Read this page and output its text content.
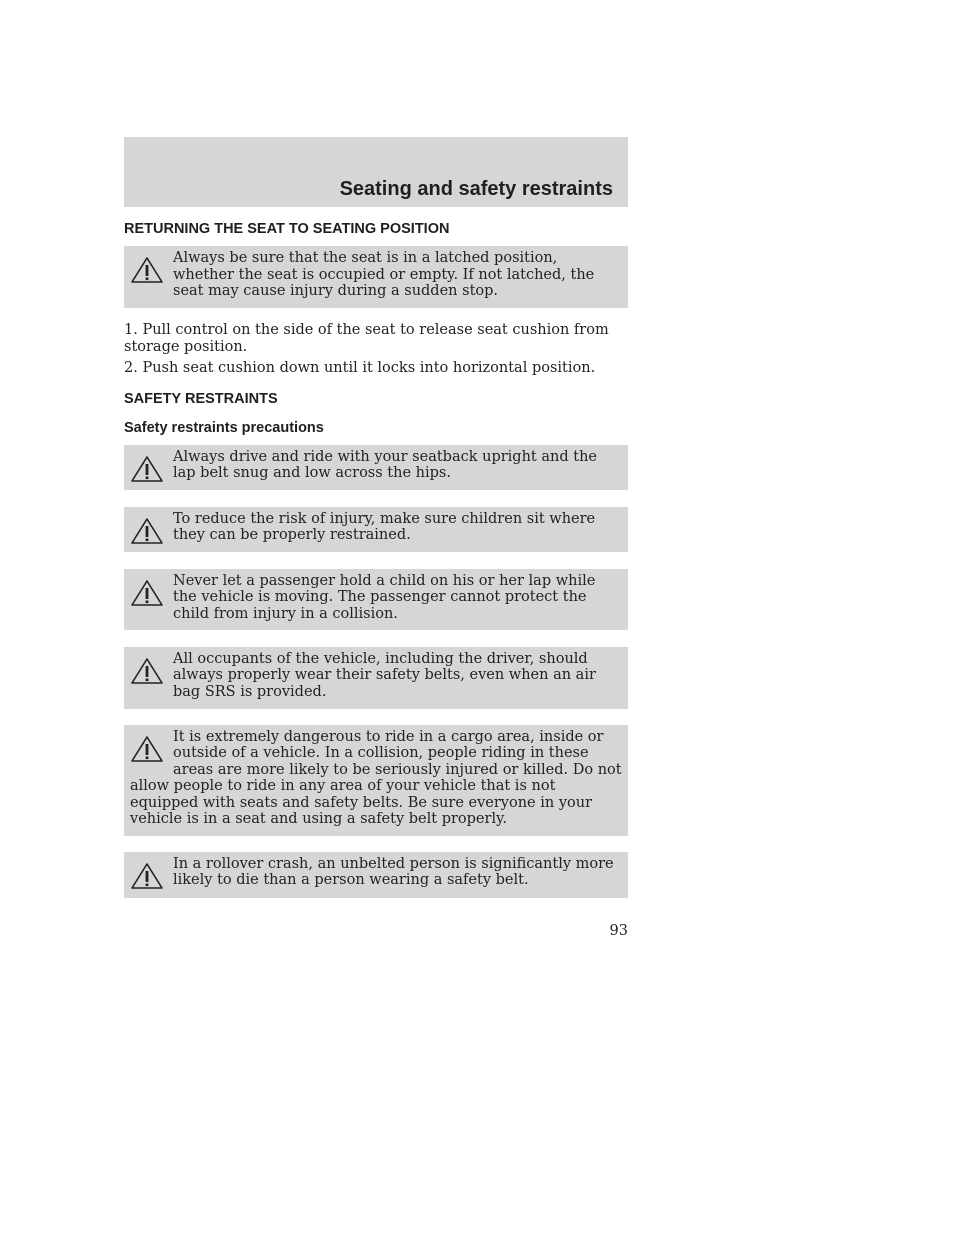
Seating and safety restraints
RETURNING THE SEAT TO SEATING POSITION
Always be sure that the seat is in a latched position, whether the seat is occupied or empty. If not latched, the seat may cause injury during a sudden stop.

1. Pull control on the side of the seat to release seat cushion from storage position.

2. Push seat cushion down until it locks into horizontal position.

SAFETY RESTRAINTS
Safety restraints precautions
Always drive and ride with your seatback upright and the lap belt snug and low across the hips.
To reduce the risk of injury, make sure children sit where they can be properly restrained.
Never let a passenger hold a child on his or her lap while the vehicle is moving. The passenger cannot protect the child from injury in a collision.
All occupants of the vehicle, including the driver, should always properly wear their safety belts, even when an air bag SRS is provided.
It is extremely dangerous to ride in a cargo area, inside or outside of a vehicle. In a collision, people riding in these areas are more likely to be seriously injured or killed. Do not allow people to ride in any area of your vehicle that is not equipped with seats and safety belts. Be sure everyone in your vehicle is in a seat and using a safety belt properly.
In a rollover crash, an unbelted person is significantly more likely to die than a person wearing a safety belt.
93
